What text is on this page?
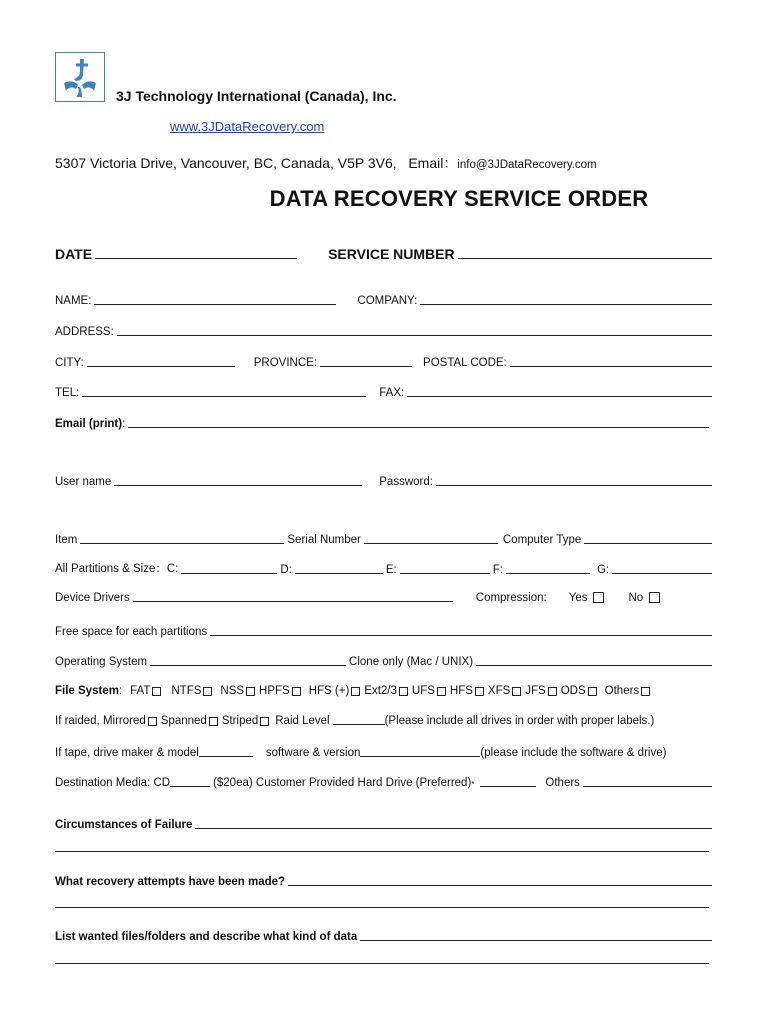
3J Technology International (Canada), Inc.
www.3JDataRecovery.com
5307 Victoria Drive, Vancouver, BC, Canada, V5P 3V6, Email：info@3JDataRecovery.com
DATA RECOVERY SERVICE ORDER
DATE	SERVICE NUMBER
NAME:	COMPANY:
ADDRESS:
CITY:	PROVINCE:	POSTAL CODE:
TEL:	FAX:
Email (print) :
User name	Password:
Item	Serial Number	Computer Type
All Partitions & Size：C:	D:	E:	F:	G:
Device Drivers	Compression: Yes	No
Free space for each partitions
Operating System	Clone only (Mac / UNIX)
File System : FAT NTFS NSS HPFS HFS (+) Ext2/3 UFS HFS XFS JFS ODS Others
If raided, Mirrored Spanned Striped Raid Level	(Please include all drives in order with proper labels.)
If tape, drive maker & model	software & version	(please include the software & drive)
Destination Media: CD	($20ea) Customer Provided Hard Drive (Preferred) *	Others
Circumstances of Failure
What recovery attempts have been made?
List wanted files/folders and describe what kind of data
